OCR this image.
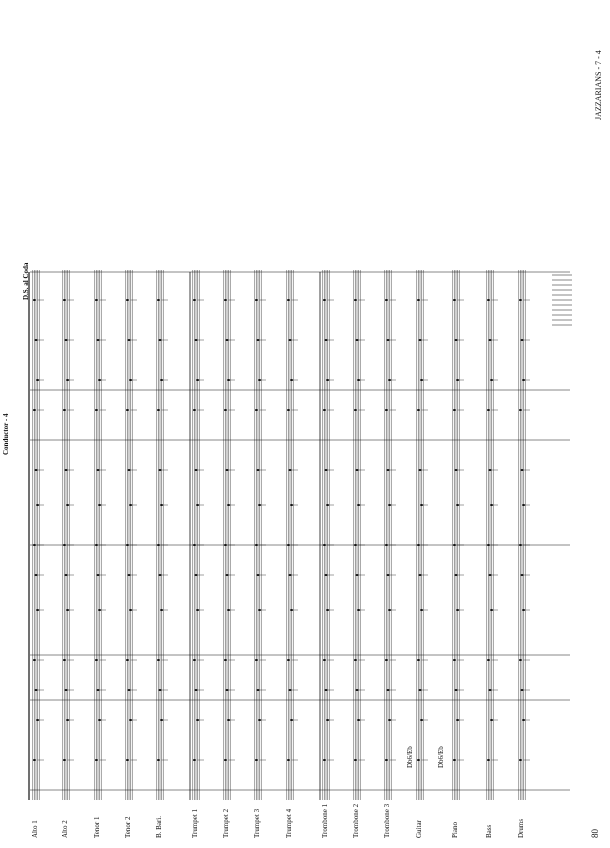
JAZZARIANS - 7 - 4
Conductor - 4
D.S. al Coda
80
Db6/Eb	Db6/Eb
Alto 1	Alto 2	Tenor 1	Tenor 2	B. Bari.	Trumpet 1	Trumpet 2	Trumpet 3	Trumpet 4	Trombone 1	Trombone 2	Trombone 3	Guitar	Piano	Bass	Drums
